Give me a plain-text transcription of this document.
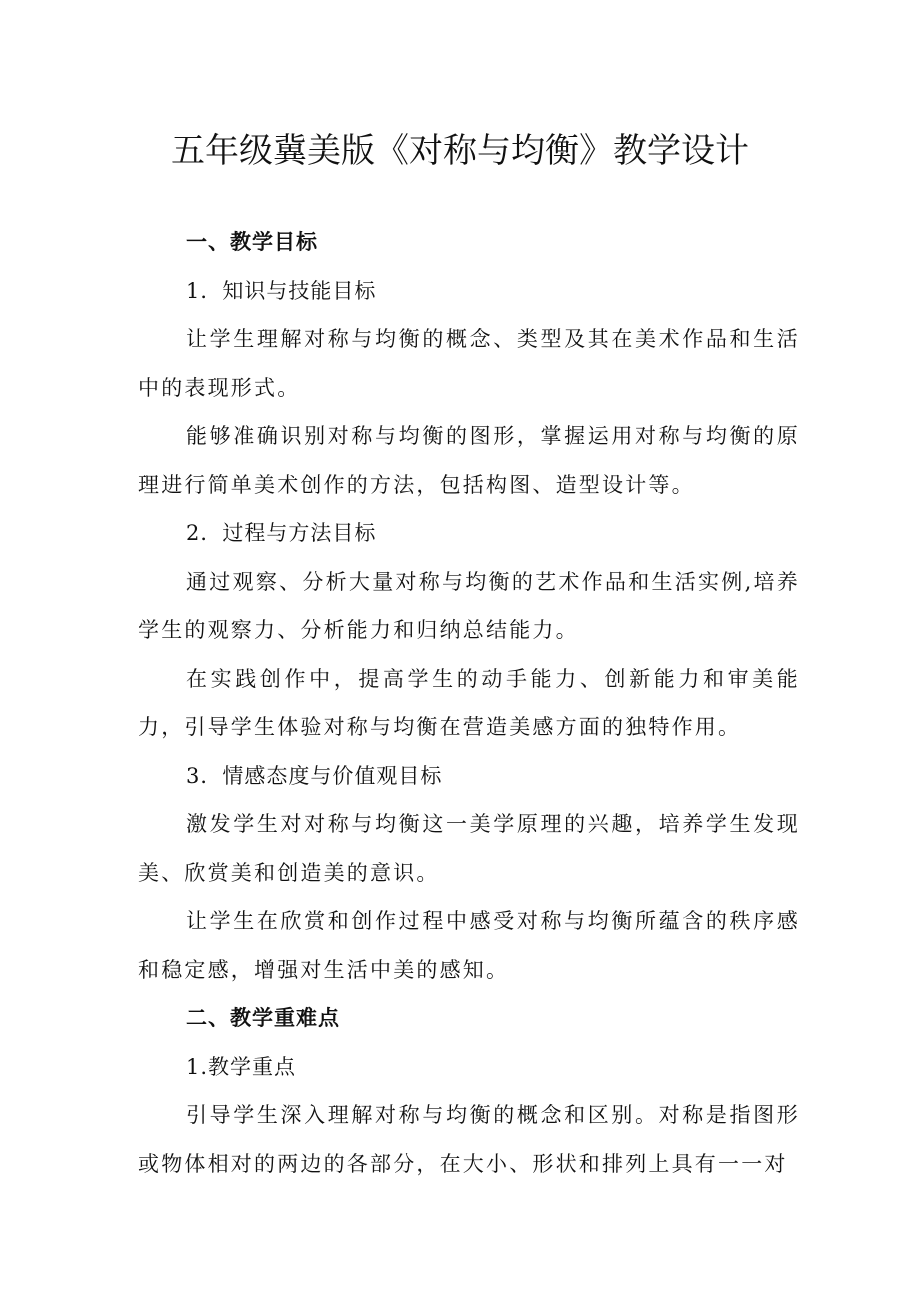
五年级冀美版《对称与均衡》教学设计

一、教学目标

1．知识与技能目标

让学生理解对称与均衡的概念、类型及其在美术作品和生活中的表现形式。

能够准确识别对称与均衡的图形，掌握运用对称与均衡的原理进行简单美术创作的方法，包括构图、造型设计等。

2．过程与方法目标

通过观察、分析大量对称与均衡的艺术作品和生活实例,培养学生的观察力、分析能力和归纳总结能力。

在实践创作中，提高学生的动手能力、创新能力和审美能力，引导学生体验对称与均衡在营造美感方面的独特作用。

3．情感态度与价值观目标

激发学生对对称与均衡这一美学原理的兴趣，培养学生发现美、欣赏美和创造美的意识。

让学生在欣赏和创作过程中感受对称与均衡所蕴含的秩序感和稳定感，增强对生活中美的感知。

二、教学重难点

1.教学重点

引导学生深入理解对称与均衡的概念和区别。对称是指图形或物体相对的两边的各部分，在大小、形状和排列上具有一一对
